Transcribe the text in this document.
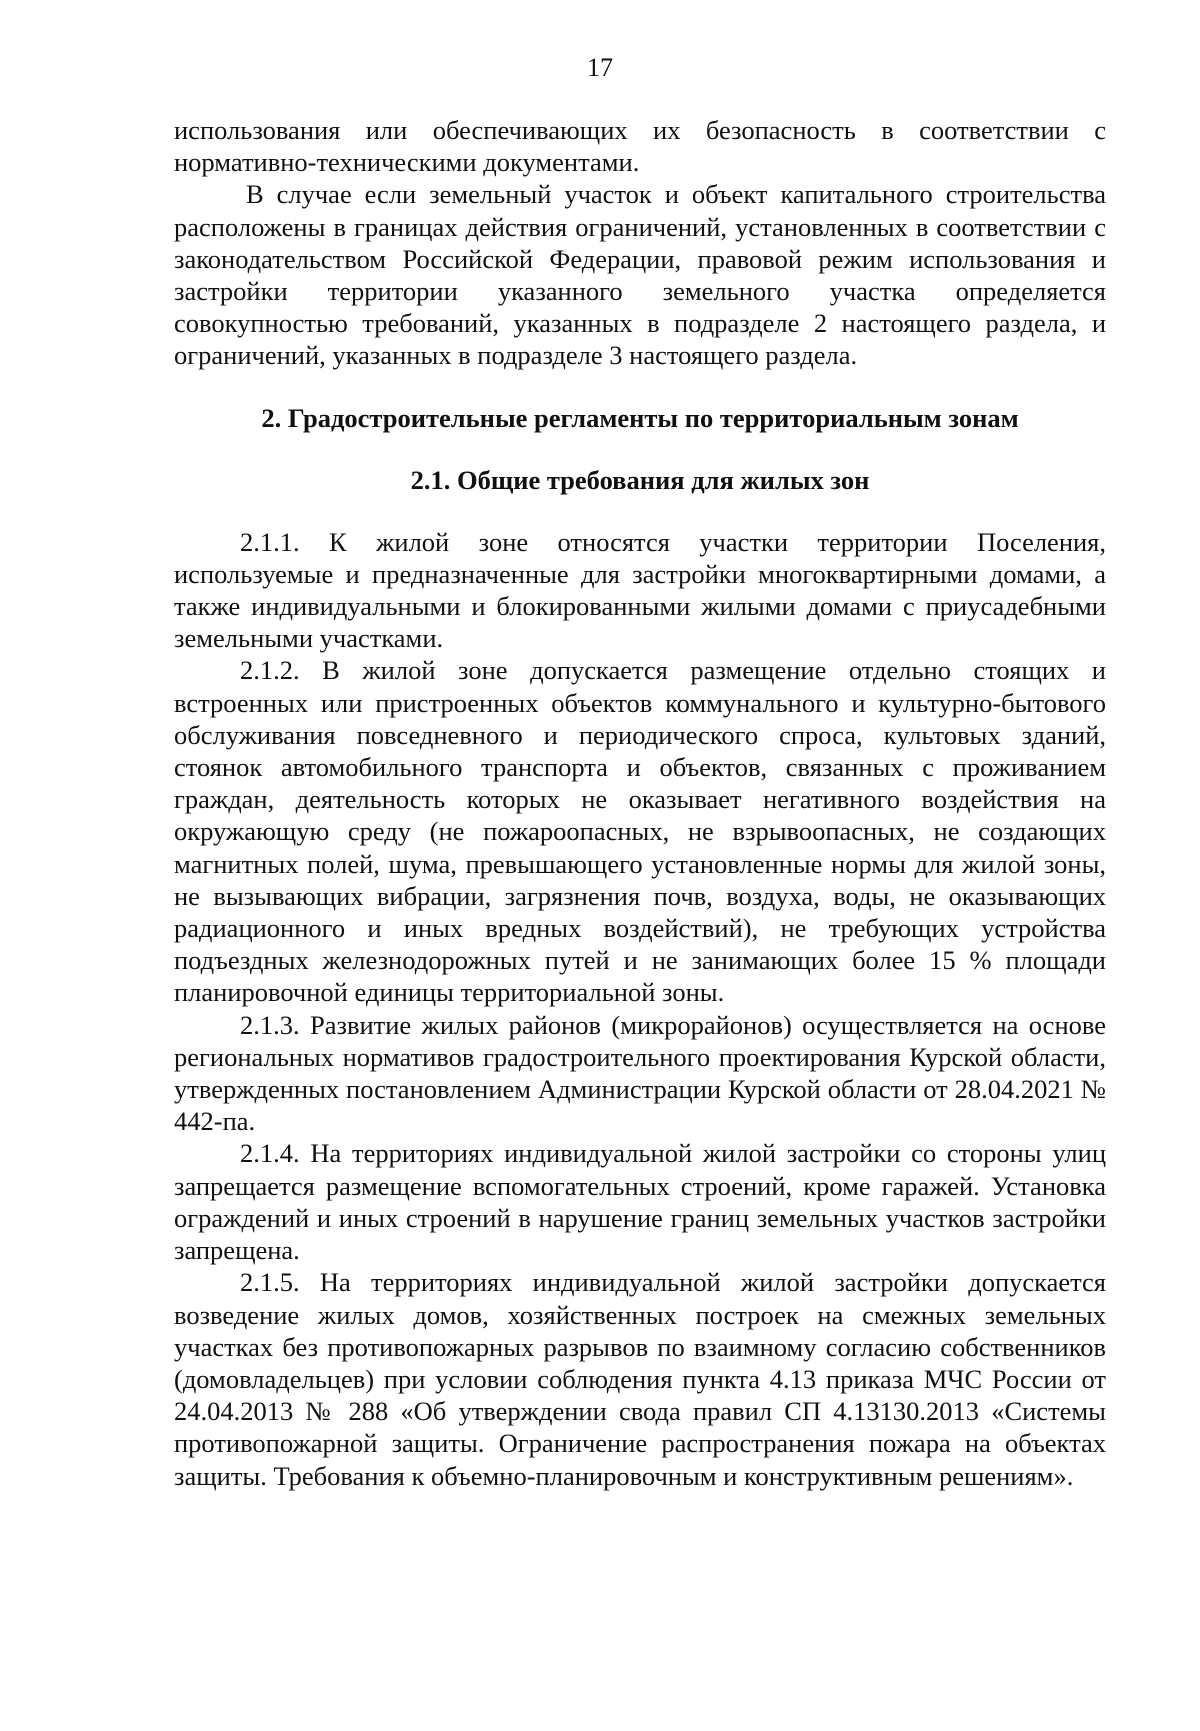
17

использования или обеспечивающих их безопасность в соответствии с нормативно-техническими документами.

В случае если земельный участок и объект капитального строительства расположены в границах действия ограничений, установленных в соответствии с законодательством Российской Федерации, правовой режим использования и застройки территории указанного земельного участка определяется совокупностью требований, указанных в подразделе 2 настоящего раздела, и ограничений, указанных в подразделе 3 настоящего раздела.

2. Градостроительные регламенты по территориальным зонам
2.1. Общие требования для жилых зон

2.1.1. К жилой зоне относятся участки территории Поселения, используемые и предназначенные для застройки многоквартирными домами, а также индивидуальными и блокированными жилыми домами с приусадебными земельными участками.

2.1.2. В жилой зоне допускается размещение отдельно стоящих и встроенных или пристроенных объектов коммунального и культурно-бытового обслуживания повседневного и периодического спроса, культовых зданий, стоянок автомобильного транспорта и объектов, связанных с проживанием граждан, деятельность которых не оказывает негативного воздействия на окружающую среду (не пожароопасных, не взрывоопасных, не создающих магнитных полей, шума, превышающего установленные нормы для жилой зоны, не вызывающих вибрации, загрязнения почв, воздуха, воды, не оказывающих радиационного и иных вредных воздействий), не требующих устройства подъездных железнодорожных путей и не занимающих более 15 % площади планировочной единицы территориальной зоны.

2.1.3. Развитие жилых районов (микрорайонов) осуществляется на основе региональных нормативов градостроительного проектирования Курской области, утвержденных постановлением Администрации Курской области от 28.04.2021 № 442-па.

2.1.4. На территориях индивидуальной жилой застройки со стороны улиц запрещается размещение вспомогательных строений, кроме гаражей. Установка ограждений и иных строений в нарушение границ земельных участков застройки запрещена.

2.1.5. На территориях индивидуальной жилой застройки допускается возведение жилых домов, хозяйственных построек на смежных земельных участках без противопожарных разрывов по взаимному согласию собственников (домовладельцев) при условии соблюдения пункта 4.13 приказа МЧС России от 24.04.2013 № 288 «Об утверждении свода правил СП 4.13130.2013 «Системы противопожарной защиты. Ограничение распространения пожара на объектах защиты. Требования к объемно-планировочным и конструктивным решениям».
